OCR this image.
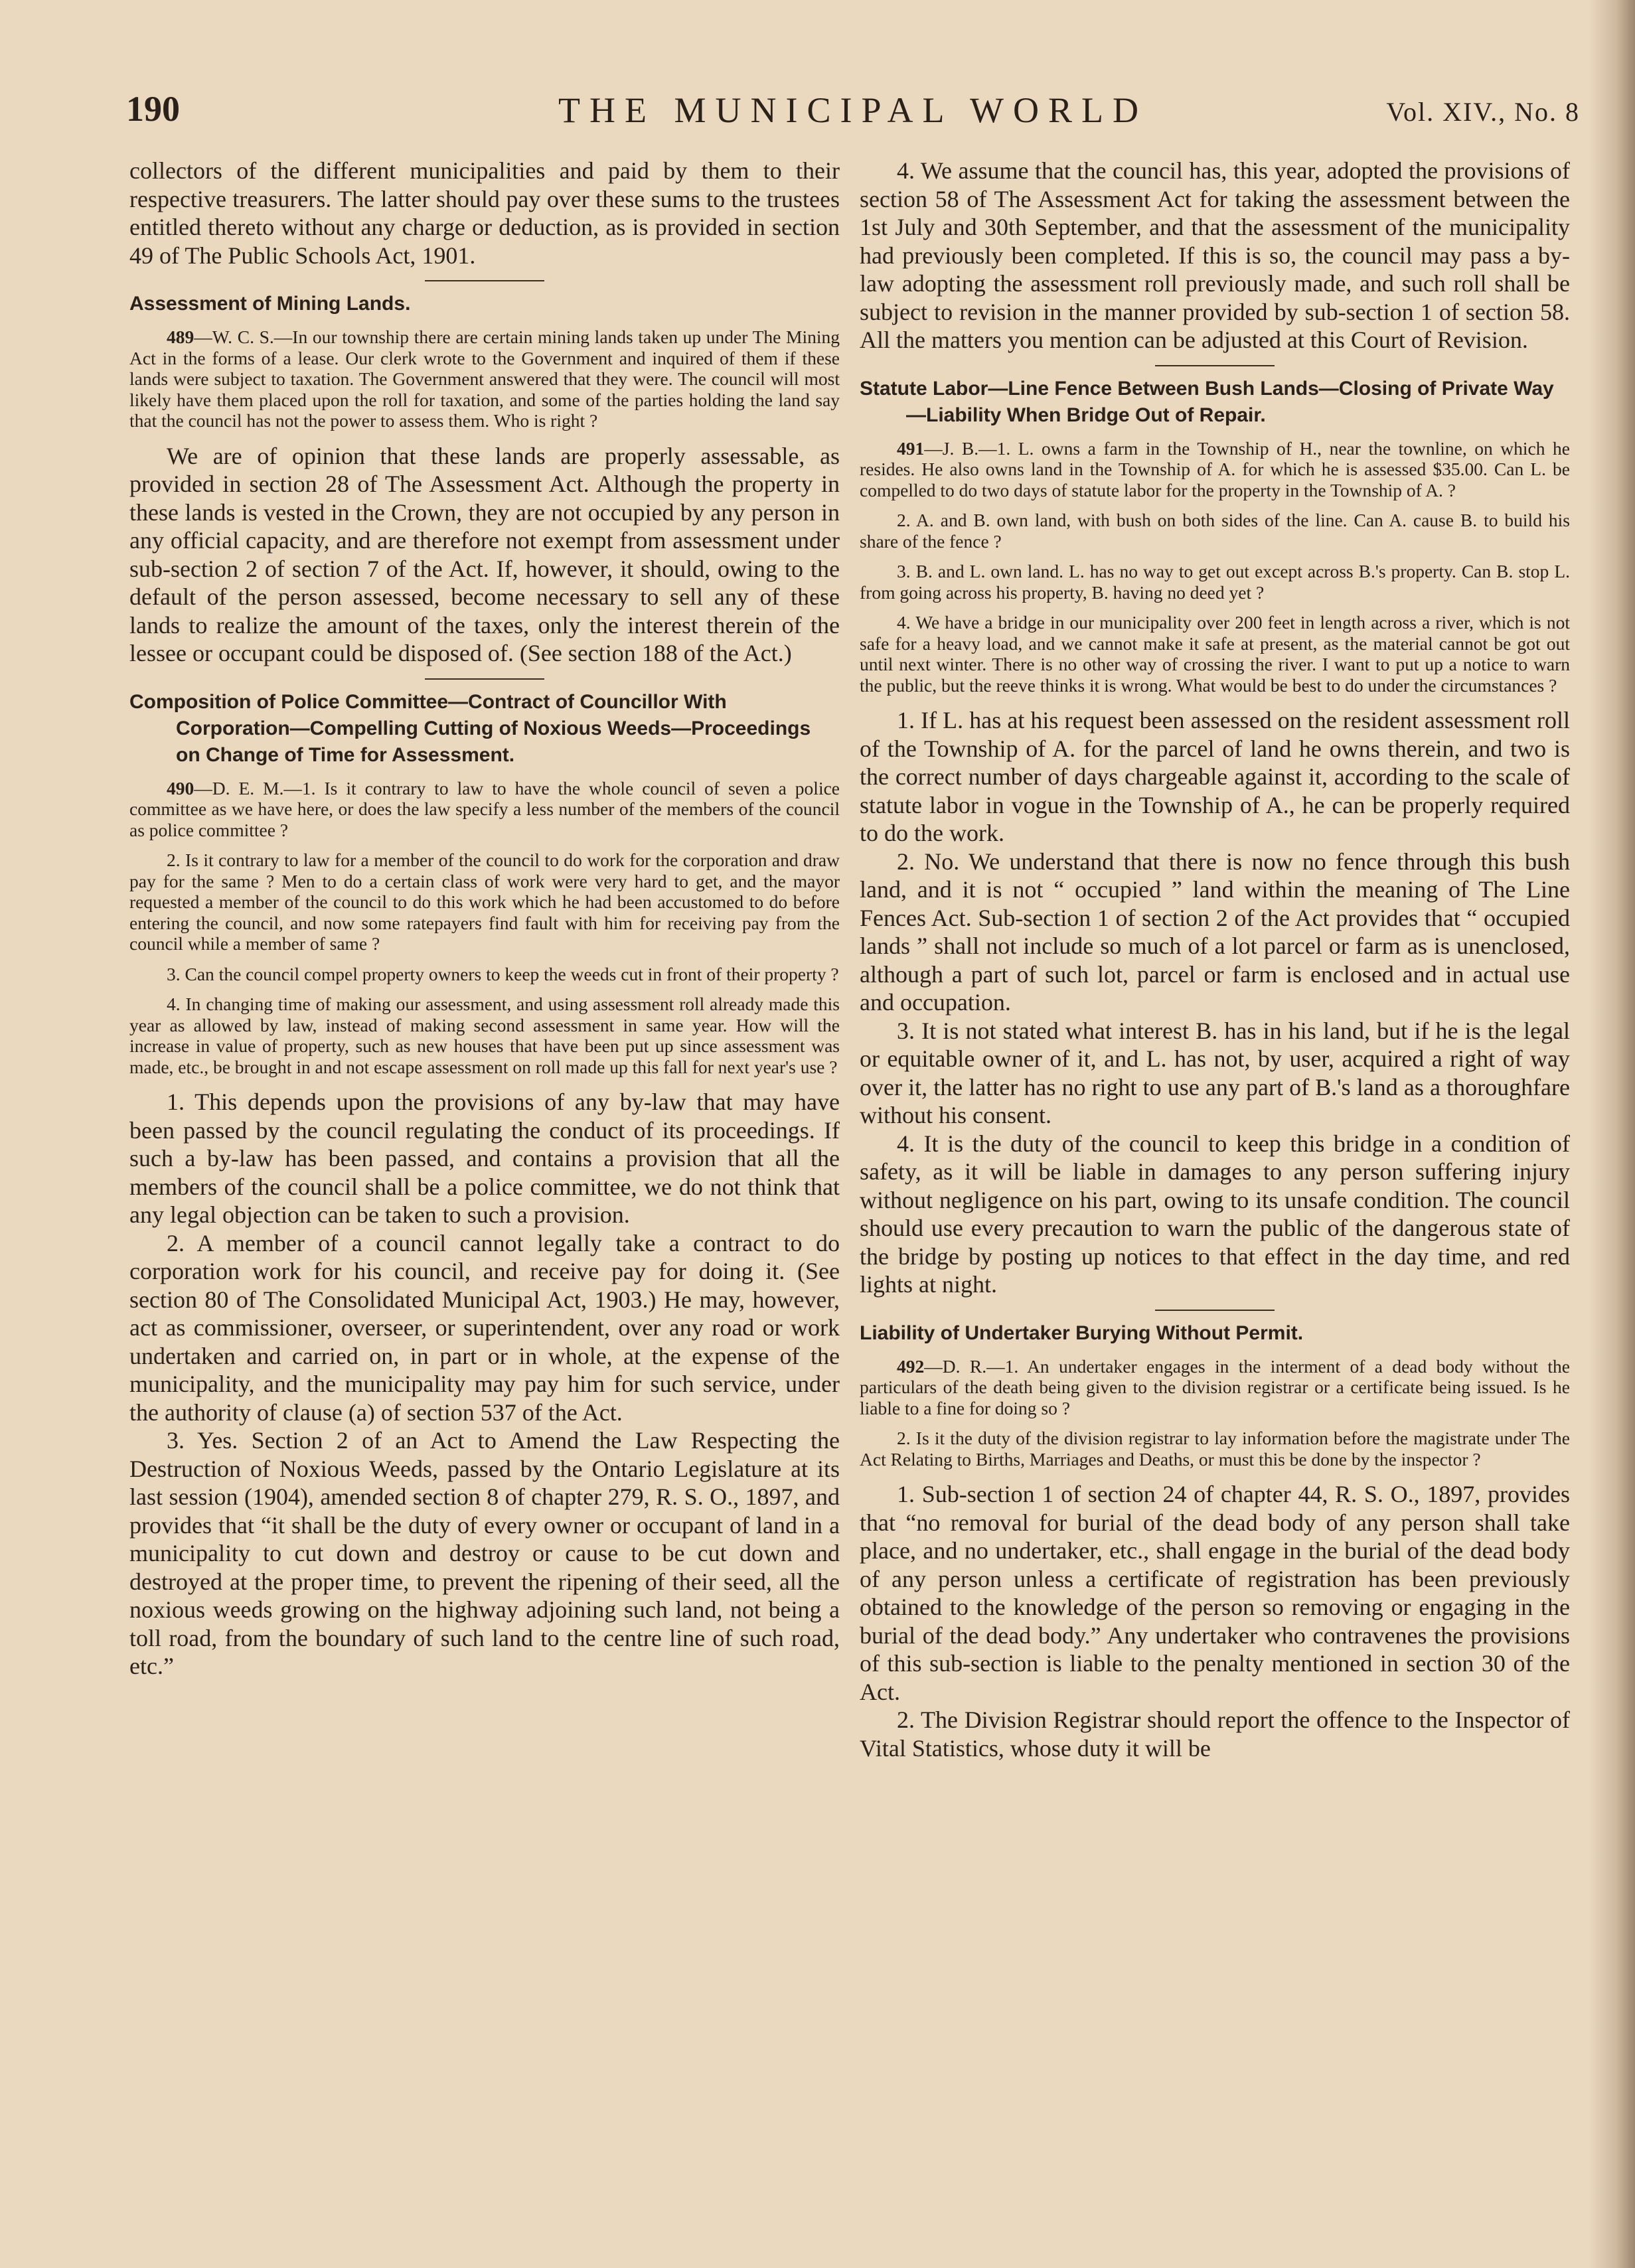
190	THE MUNICIPAL WORLD	Vol. XIV., No. 8

collectors of the different municipalities and paid by them to their respective treasurers. The latter should pay over these sums to the trustees entitled thereto without any charge or deduction, as is provided in section 49 of The Public Schools Act, 1901.

Assessment of Mining Lands.

489—W. C. S.—In our township there are certain mining lands taken up under The Mining Act in the forms of a lease. Our clerk wrote to the Government and inquired of them if these lands were subject to taxation. The Government answered that they were. The council will most likely have them placed upon the roll for taxation, and some of the parties holding the land say that the council has not the power to assess them. Who is right ?

We are of opinion that these lands are properly assessable, as provided in section 28 of The Assessment Act. Although the property in these lands is vested in the Crown, they are not occupied by any person in any official capacity, and are therefore not exempt from assessment under sub-section 2 of section 7 of the Act. If, however, it should, owing to the default of the person assessed, become necessary to sell any of these lands to realize the amount of the taxes, only the interest therein of the lessee or occupant could be disposed of. (See section 188 of the Act.)

Composition of Police Committee—Contract of Councillor With Corporation—Compelling Cutting of Noxious Weeds—Proceedings on Change of Time for Assessment.

490—D. E. M.—1. Is it contrary to law to have the whole council of seven a police committee as we have here, or does the law specify a less number of the members of the council as police committee ?

2. Is it contrary to law for a member of the council to do work for the corporation and draw pay for the same ? Men to do a certain class of work were very hard to get, and the mayor requested a member of the council to do this work which he had been accustomed to do before entering the council, and now some ratepayers find fault with him for receiving pay from the council while a member of same ?

3. Can the council compel property owners to keep the weeds cut in front of their property ?

4. In changing time of making our assessment, and using assessment roll already made this year as allowed by law, instead of making second assessment in same year. How will the increase in value of property, such as new houses that have been put up since assessment was made, etc., be brought in and not escape assessment on roll made up this fall for next year's use ?

1. This depends upon the provisions of any by-law that may have been passed by the council regulating the conduct of its proceedings. If such a by-law has been passed, and contains a provision that all the members of the council shall be a police committee, we do not think that any legal objection can be taken to such a provision.

2. A member of a council cannot legally take a contract to do corporation work for his council, and receive pay for doing it. (See section 80 of The Consolidated Municipal Act, 1903.) He may, however, act as commissioner, overseer, or superintendent, over any road or work undertaken and carried on, in part or in whole, at the expense of the municipality, and the municipality may pay him for such service, under the authority of clause (a) of section 537 of the Act.

3. Yes. Section 2 of an Act to Amend the Law Respecting the Destruction of Noxious Weeds, passed by the Ontario Legislature at its last session (1904), amended section 8 of chapter 279, R. S. O., 1897, and provides that “it shall be the duty of every owner or occupant of land in a municipality to cut down and destroy or cause to be cut down and destroyed at the proper time, to prevent the ripening of their seed, all the noxious weeds growing on the highway adjoining such land, not being a toll road, from the boundary of such land to the centre line of such road, etc.”

4. We assume that the council has, this year, adopted the provisions of section 58 of The Assessment Act for taking the assessment between the 1st July and 30th September, and that the assessment of the municipality had previously been completed. If this is so, the council may pass a by-law adopting the assessment roll previously made, and such roll shall be subject to revision in the manner provided by sub-section 1 of section 58. All the matters you mention can be adjusted at this Court of Revision.

Statute Labor—Line Fence Between Bush Lands—Closing of Private Way—Liability When Bridge Out of Repair.

491—J. B.—1. L. owns a farm in the Township of H., near the townline, on which he resides. He also owns land in the Township of A. for which he is assessed $35.00. Can L. be compelled to do two days of statute labor for the property in the Township of A. ?

2. A. and B. own land, with bush on both sides of the line. Can A. cause B. to build his share of the fence ?

3. B. and L. own land. L. has no way to get out except across B.'s property. Can B. stop L. from going across his property, B. having no deed yet ?

4. We have a bridge in our municipality over 200 feet in length across a river, which is not safe for a heavy load, and we cannot make it safe at present, as the material cannot be got out until next winter. There is no other way of crossing the river. I want to put up a notice to warn the public, but the reeve thinks it is wrong. What would be best to do under the circumstances ?

1. If L. has at his request been assessed on the resident assessment roll of the Township of A. for the parcel of land he owns therein, and two is the correct number of days chargeable against it, according to the scale of statute labor in vogue in the Township of A., he can be properly required to do the work.

2. No. We understand that there is now no fence through this bush land, and it is not “ occupied ” land within the meaning of The Line Fences Act. Sub-section 1 of section 2 of the Act provides that “ occupied lands ” shall not include so much of a lot parcel or farm as is unenclosed, although a part of such lot, parcel or farm is enclosed and in actual use and occupation.

3. It is not stated what interest B. has in his land, but if he is the legal or equitable owner of it, and L. has not, by user, acquired a right of way over it, the latter has no right to use any part of B.'s land as a thoroughfare without his consent.

4. It is the duty of the council to keep this bridge in a condition of safety, as it will be liable in damages to any person suffering injury without negligence on his part, owing to its unsafe condition. The council should use every precaution to warn the public of the dangerous state of the bridge by posting up notices to that effect in the day time, and red lights at night.

Liability of Undertaker Burying Without Permit.

492—D. R.—1. An undertaker engages in the interment of a dead body without the particulars of the death being given to the division registrar or a certificate being issued. Is he liable to a fine for doing so ?

2. Is it the duty of the division registrar to lay information before the magistrate under The Act Relating to Births, Marriages and Deaths, or must this be done by the inspector ?

1. Sub-section 1 of section 24 of chapter 44, R. S. O., 1897, provides that “no removal for burial of the dead body of any person shall take place, and no undertaker, etc., shall engage in the burial of the dead body of any person unless a certificate of registration has been previously obtained to the knowledge of the person so removing or engaging in the burial of the dead body.” Any undertaker who contravenes the provisions of this sub-section is liable to the penalty mentioned in section 30 of the Act.

2. The Division Registrar should report the offence to the Inspector of Vital Statistics, whose duty it will be
